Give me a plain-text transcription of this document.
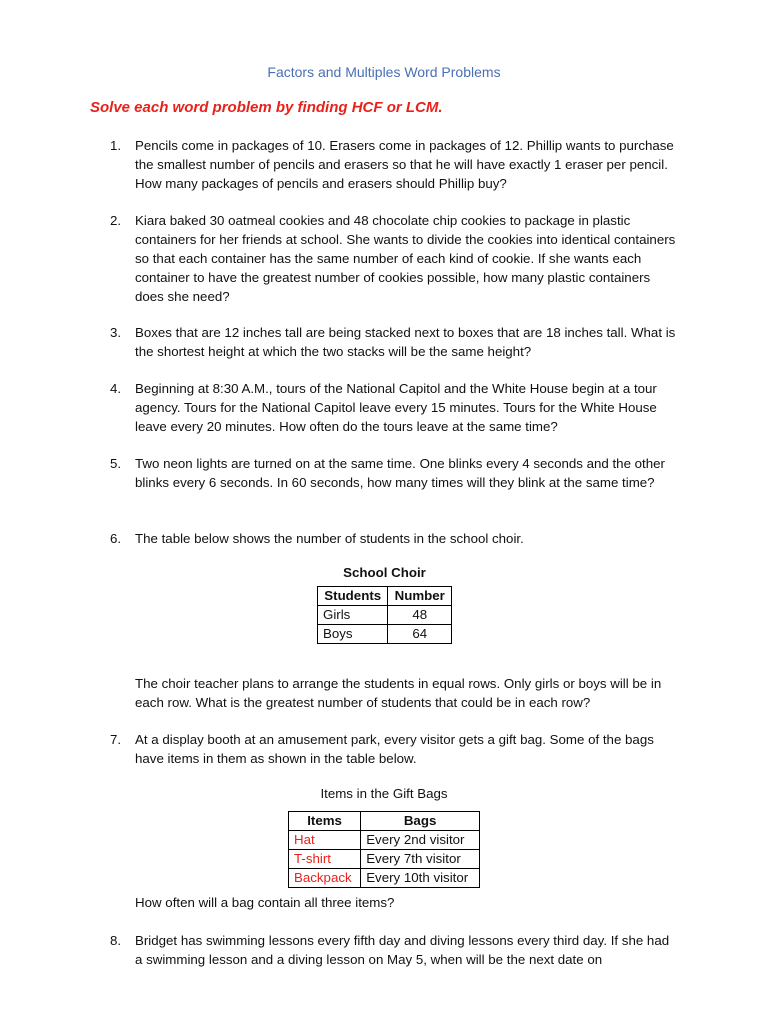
Factors and Multiples Word Problems
Solve each word problem by finding HCF or LCM.
1.	Pencils come in packages of 10. Erasers come in packages of 12. Phillip wants to purchase the smallest number of pencils and erasers so that he will have exactly 1 eraser per pencil. How many packages of pencils and erasers should Phillip buy?
2.	Kiara baked 30 oatmeal cookies and 48 chocolate chip cookies to package in plastic containers for her friends at school. She wants to divide the cookies into identical containers so that each container has the same number of each kind of cookie. If she wants each container to have the greatest number of cookies possible, how many plastic containers does she need?
3.	Boxes that are 12 inches tall are being stacked next to boxes that are 18 inches tall. What is the shortest height at which the two stacks will be the same height?
4.	Beginning at 8:30 A.M., tours of the National Capitol and the White House begin at a tour agency. Tours for the National Capitol leave every 15 minutes. Tours for the White House leave every 20 minutes. How often do the tours leave at the same time?
5.	Two neon lights are turned on at the same time. One blinks every 4 seconds and the other blinks every 6 seconds. In 60 seconds, how many times will they blink at the same time?
6.	The table below shows the number of students in the school choir.
School Choir
Students	Number
Girls	48
Boys	64
The choir teacher plans to arrange the students in equal rows. Only girls or boys will be in each row. What is the greatest number of students that could be in each row?
7.	At a display booth at an amusement park, every visitor gets a gift bag. Some of the bags have items in them as shown in the table below.
Items in the Gift Bags
Items	Bags
Hat	Every 2nd visitor
T-shirt	Every 7th visitor
Backpack	Every 10th visitor
How often will a bag contain all three items?
8.	Bridget has swimming lessons every fifth day and diving lessons every third day. If she had a swimming lesson and a diving lesson on May 5, when will be the next date on
